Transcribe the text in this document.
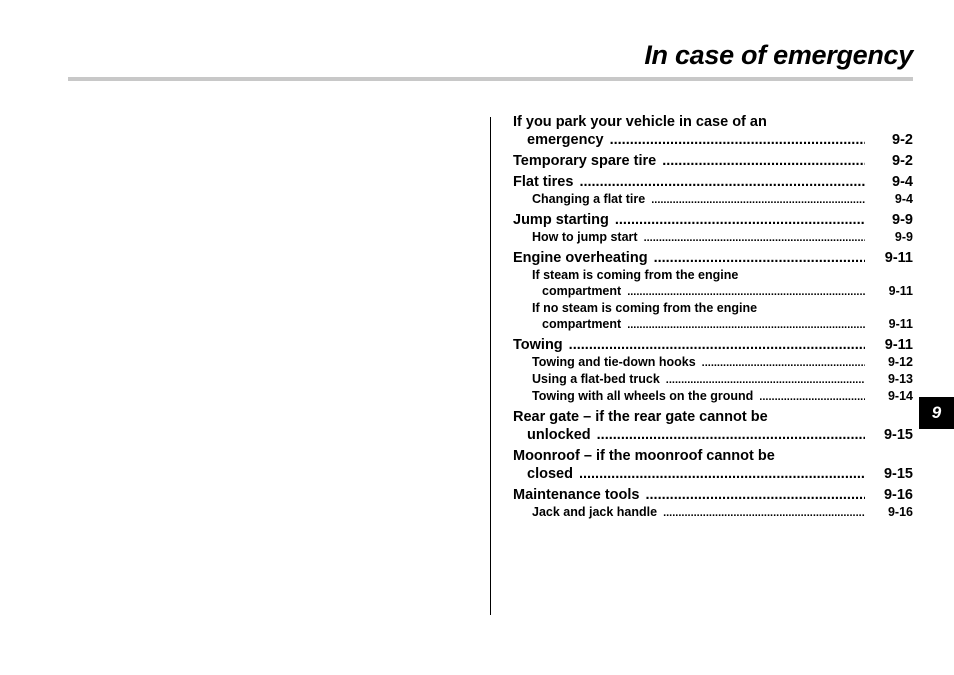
In case of emergency
9
If you park your vehicle in case of an
emergency .....	9-2
Temporary spare tire .....	9-2
Flat tires .....	9-4
Changing a flat tire .....	9-4
Jump starting .....	9-9
How to jump start .....	9-9
Engine overheating .....	9-11
If steam is coming from the engine
compartment .....	9-11
If no steam is coming from the engine
compartment .....	9-11
Towing .....	9-11
Towing and tie-down hooks .....	9-12
Using a flat-bed truck .....	9-13
Towing with all wheels on the ground .....	9-14
Rear gate – if the rear gate cannot be
unlocked .....	9-15
Moonroof – if the moonroof cannot be
closed .....	9-15
Maintenance tools .....	9-16
Jack and jack handle .....	9-16
